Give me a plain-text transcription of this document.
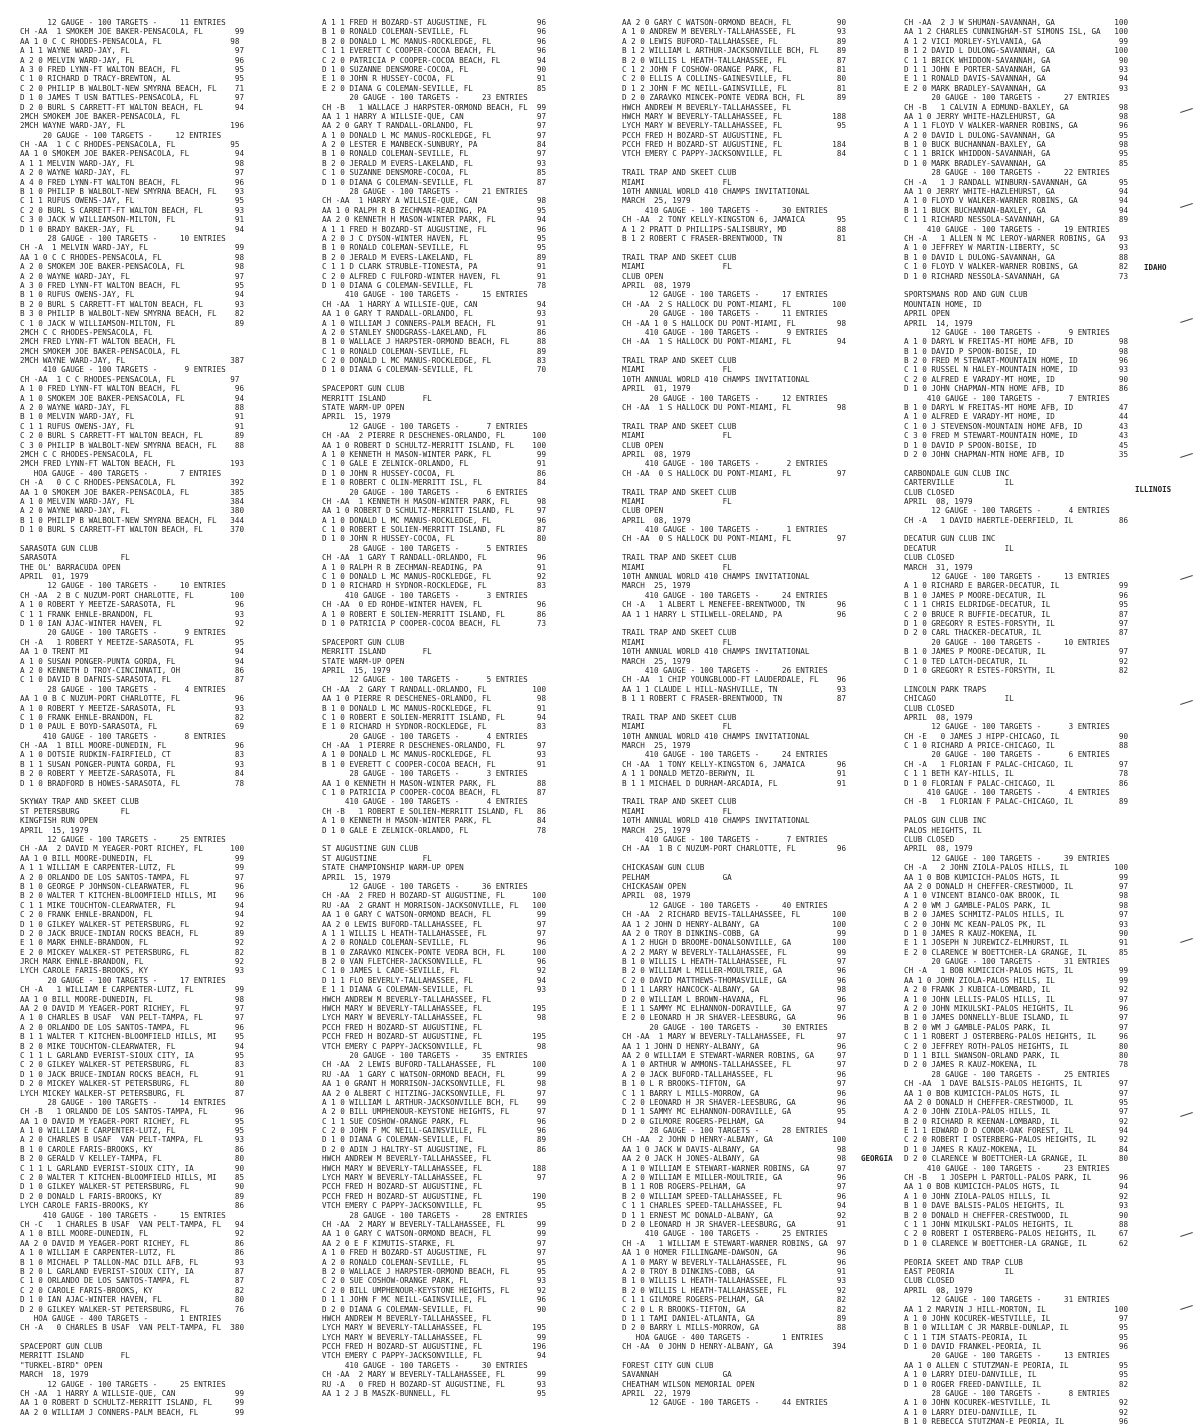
12 GAUGE - 100 TARGETS -     11 ENTRIES
CH -AA  1 SMOKEM JOE BAKER-PENSACOLA, FL       99
AA 1 0 C C RHODES-PENSACOLA, FL               98
A 1 1 WAYNE WARD-JAY, FL                       97
A 2 0 MELVIN WARD-JAY, FL                      96
A 3 0 FRED LYNN-FT WALTON BEACH, FL            95
C 1 0 RICHARD D TRACY-BREWTON, AL              95
C 2 0 PHILIP B WALBOLT-NEW SMYRNA BEACH, FL    71
D 1 0 JAMES T USN BATTLES-PENSACOLA, FL        97
D 2 0 BURL S CARRETT-FT WALTON BEACH, FL       94
2MCH SMOKEM JOE BAKER-PENSACOLA, FL
2MCH WAYNE WARD-JAY, FL                       196
20 GAUGE - 100 TARGETS -     12 ENTRIES
CH -AA  1 C C RHODES-PENSACOLA, FL            95
AA 1 0 SMOKEM JOE BAKER-PENSACOLA, FL          94
A 1 1 MELVIN WARD-JAY, FL                      98
A 2 0 WAYNE WARD-JAY, FL                       97
A 4 0 FRED LYNN-FT WALTON BEACH, FL            96
B 1 0 PHILIP B WALBOLT-NEW SMYRNA BEACH, FL    93
C 1 1 RUFUS OWENS-JAY, FL                      95
C 2 0 BURL S CARRETT-FT WALTON BEACH, FL       93
C 3 0 JACK W WILLIAMSON-MILTON, FL             91
D 1 0 BRADY BAKER-JAY, FL                      94
28 GAUGE - 100 TARGETS -     10 ENTRIES
CH -A  1 MELVIN WARD-JAY, FL                   99
AA 1 0 C C RHODES-PENSACOLA, FL                98
A 2 0 SMOKEM JOE BAKER-PENSACOLA, FL           98
A 2 0 WAYNE WARD-JAY, FL                       97
A 3 0 FRED LYNN-FT WALTON BEACH, FL            95
B 1 0 RUFUS OWENS-JAY, FL                      94
B 2 0 BURL S CARRETT-FT WALTON BEACH, FL       93
B 3 0 PHILIP B WALBOLT-NEW SMYRNA BEACH, FL    82
C 1 0 JACK W WILLIAMSON-MILTON, FL             89
2MCH C C RHODES-PENSACOLA, FL
2MCH FRED LYNN-FT WALTON BEACH, FL
2MCH SMOKEM JOE BAKER-PENSACOLA, FL
2MCH WAYNE WARD-JAY, FL                       387
410 GAUGE - 100 TARGETS -      9 ENTRIES
CH -AA  1 C C RHODES-PENSACOLA, FL            97
A 1 0 FRED LYNN-FT WALTON BEACH, FL            96
A 1 0 SMOKEM JOE BAKER-PENSACOLA, FL           94
A 2 0 WAYNE WARD-JAY, FL                       88
B 1 0 MELVIN WARD-JAY, FL                      91
C 1 1 RUFUS OWENS-JAY, FL                      91
C 2 0 BURL S CARRETT-FT WALTON BEACH, FL       89
C 3 0 PHILIP B WALBOLT-NEW SMYRNA BEACH, FL    88
2MCH C C RHODES-PENSACOLA, FL
2MCH FRED LYNN-FT WALTON BEACH, FL            193
HOA GAUGE - 400 TARGETS -       7 ENTRIES
CH -A   0 C C RHODES-PENSACOLA, FL            392
AA 1 0 SMOKEM JOE BAKER-PENSACOLA, FL         385
A 1 0 MELVIN WARD-JAY, FL                     384
A 2 0 WAYNE WARD-JAY, FL                      380
B 1 0 PHILIP B WALBOLT-NEW SMYRNA BEACH, FL   344
D 1 0 BURL S CARRETT-FT WALTON BEACH, FL      370
SARASOTA GUN CLUB
SARASOTA              FL
THE OL' BARRACUDA OPEN
APRIL  01, 1979
12 GAUGE - 100 TARGETS -     10 ENTRIES
CH -AA  2 B C NUZUM-PORT CHARLOTTE, FL        100
A 1 0 ROBERT Y MEETZE-SARASOTA, FL             96
C 1 1 FRANK EHNLE-BRANDON, FL                  93
D 1 0 IAN AJAC-WINTER HAVEN, FL                92
20 GAUGE - 100 TARGETS -      9 ENTRIES
CH -A   1 ROBERT Y MEETZE-SARASOTA, FL         95
AA 1 0 TRENT MI                                94
A 1 0 SUSAN PONGER-PUNTA GORDA, FL             94
A 2 0 KENNETH D TROY-CINCINNATI, OH            86
C 1 0 DAVID B DAFNIS-SARASOTA, FL              87
28 GAUGE - 100 TARGETS -      4 ENTRIES
AA 1 0 B C NUZUM-PORT CHARLOTTE, FL            96
A 1 0 ROBERT Y MEETZE-SARASOTA, FL             93
C 1 0 FRANK EHNLE-BRANDON, FL                  82
D 1 0 PAUL E BOYD-SARASOTA, FL                 69
410 GAUGE - 100 TARGETS -      8 ENTRIES
CH -AA  1 BILL MOORE-DUNEDIN, FL               96
A 1 0 DOTSIE RUDKIN-FAIRFIELD, CT              83
B 1 1 SUSAN PONGER-PUNTA GORDA, FL             93
B 2 0 ROBERT Y MEETZE-SARASOTA, FL             84
D 1 0 BRADFORD B HOWES-SARASOTA, FL            78
SKYWAY TRAP AND SKEET CLUB
ST PETERSBURG         FL
KINGFISH RUN OPEN
APRIL  15, 1979
12 GAUGE - 100 TARGETS -     25 ENTRIES
CH -AA  2 DAVID M YEAGER-PORT RICHEY, FL      100
AA 1 0 BILL MOORE-DUNEDIN, FL                  99
A 1 1 WILLIAM E CARPENTER-LUTZ, FL             99
A 2 0 ORLANDO DE LOS SANTOS-TAMPA, FL          97
B 1 0 GEORGE P JOHNSON-CLEARWATER, FL          96
B 2 0 WALTER T KITCHEN-BLOOMFIELD HILLS, MI    96
C 1 1 MIKE TOUCHTON-CLEARWATER, FL             94
C 2 0 FRANK EHNLE-BRANDON, FL                  94
D 1 0 GILKEY WALKER-ST PETERSBURG, FL          92
D 2 0 JACK BRUCE-INDIAN ROCKS BEACH, FL        89
E 1 0 MARK EHNLE-BRANDON, FL                   92
E 2 0 MICKEY WALKER-ST PETERSBURG, FL          82
JRCH MARK EHNLE-BRANDON, FL                    92
LYCH CAROLE FARIS-BROOKS, KY                   93
20 GAUGE - 100 TARGETS -     17 ENTRIES
CH -A   1 WILLIAM E CARPENTER-LUTZ, FL         99
AA 1 0 BILL MOORE-DUNEDIN, FL                  98
AA 2 0 DAVID M YEAGER-PORT RICHEY, FL          97
A 1 0 CHARLES B USAF  VAN PELT-TAMPA, FL       97
A 2 0 ORLANDO DE LOS SANTOS-TAMPA, FL          96
B 1 1 WALTER T KITCHEN-BLOOMFIELD HILLS, MI    95
B 2 0 MIKE TOUCHTON-CLEARWATER, FL             94
C 1 1 L GARLAND EVERIST-SIOUX CITY, IA         95
C 2 0 GILKEY WALKER-ST PETERSBURG, FL          83
D 1 0 JACK BRUCE-INDIAN ROCKS BEACH, FL        91
D 2 0 MICKEY WALKER-ST PETERSBURG, FL          80
LYCH MICKEY WALKER-ST PETERSBURG, FL           87
28 GAUGE - 100 TARGETS -     14 ENTRIES
CH -B   1 ORLANDO DE LOS SANTOS-TAMPA, FL      96
AA 1 0 DAVID M YEAGER-PORT RICHEY, FL          95
A 1 0 WILLIAM E CARPENTER-LUTZ, FL             95
A 2 0 CHARLES B USAF  VAN PELT-TAMPA, FL       93
B 1 0 CAROLE FARIS-BROOKS, KY                  86
B 2 0 GERALD V KELLEY-TAMPA, FL                80
C 1 1 L GARLAND EVERIST-SIOUX CITY, IA         90
C 2 0 WALTER T KITCHEN-BLOOMFIELD HILLS, MI    85
D 1 0 GILKEY WALKER-ST PETERSBURG, FL          90
D 2 0 DONALD L FARIS-BROOKS, KY                89
LYCH CAROLE FARIS-BROOKS, KY                   86
410 GAUGE - 100 TARGETS -     15 ENTRIES
CH -C   1 CHARLES B USAF  VAN PELT-TAMPA, FL   94
A 1 0 BILL MOORE-DUNEDIN, FL                   92
AA 2 0 DAVID M YEAGER-PORT RICHEY, FL          86
A 1 0 WILLIAM E CARPENTER-LUTZ, FL             86
B 1 0 MICHAEL P TALLON-MAC DILL AFB, FL        93
B 2 0 L GARLAND EVERIST-SIOUX CITY, IA         87
C 1 0 ORLANDO DE LOS SANTOS-TAMPA, FL          87
C 2 0 CAROLE FARIS-BROOKS, KY                  82
D 1 0 IAN AJAC-WINTER HAVEN, FL                80
D 2 0 GILKEY WALKER-ST PETERSBURG, FL          76
HOA GAUGE - 400 TARGETS -       1 ENTRIES
CH -A   0 CHARLES B USAF  VAN PELT-TAMPA, FL  380
SPACEPORT GUN CLUB
MERRITT ISLAND        FL
"TURKEL-BIRD" OPEN
MARCH  18, 1979
12 GAUGE - 100 TARGETS -     25 ENTRIES
CH -AA  1 HARRY A WILLSIE-QUE, CAN             99
AA 1 0 ROBERT D SCHULTZ-MERRITT ISLAND, FL     99
AA 2 0 WILLIAM J CONNERS-PALM BEACH, FL        99
A 1 1 FRED H BOZARD-ST AUGUSTINE, FL           96
B 1 0 RONALD COLEMAN-SEVILLE, FL               96
B 2 0 DONALD L MC MANUS-ROCKLEDGE, FL          96
C 1 1 EVERETT C COOPER-COCOA BEACH, FL         96
C 2 0 PATRICIA P COOPER-COCOA BEACH, FL        94
D 1 0 SUZANNE DENSMORE-COCOA, FL               90
E 1 0 JOHN R HUSSEY-COCOA, FL                  91
E 2 0 DIANA G COLEMAN-SEVILLE, FL              85
20 GAUGE - 100 TARGETS -     23 ENTRIES
CH -B   1 WALLACE J HARPSTER-ORMOND BEACH, FL  99
AA 1 1 HARRY A WILLSIE-QUE, CAN                97
AA 2 0 GARY T RANDALL-ORLANDO, FL              97
A 1 0 DONALD L MC MANUS-ROCKLEDGE, FL          97
A 2 0 LESTER E MANBECK-SUNBURY, PA             84
B 1 0 RONALD COLEMAN-SEVILLE, FL               97
B 2 0 JERALD M EVERS-LAKELAND, FL              93
C 1 0 SUZANNE DENSMORE-COCOA, FL               85
D 1 0 DIANA G COLEMAN-SEVILLE, FL              87
28 GAUGE - 100 TARGETS -     21 ENTRIES
CH -AA  1 HARRY A WILLSIE-QUE, CAN             98
AA 1 0 RALPH R B ZECHMAN-READING, PA           95
AA 2 0 KENNETH H MASON-WINTER PARK, FL         94
A 1 1 FRED H BOZARD-ST AUGUSTINE, FL           96
A 2 0 J C DYSON-WINTER HAVEN, FL               95
B 1 0 RONALD COLEMAN-SEVILLE, FL               95
B 2 0 JERALD M EVERS-LAKELAND, FL              89
C 1 1 D CLARK STRUBLE-TIONESTA, PA             91
C 2 0 ALFRED C FULFORD-WINTER HAVEN, FL        91
D 1 0 DIANA G COLEMAN-SEVILLE, FL              78
410 GAUGE - 100 TARGETS -     15 ENTRIES
CH -AA  1 HARRY A WILLSIE-QUE, CAN             94
AA 1 0 GARY T RANDALL-ORLANDO, FL              93
A 1 0 WILLIAM J CONNERS-PALM BEACH, FL         91
A 2 0 STANLEY SNODGRASS-LAKELAND, FL           86
B 1 0 WALLACE J HARPSTER-ORMOND BEACH, FL      88
C 1 0 RONALD COLEMAN-SEVILLE, FL               89
C 2 0 DONALD L MC MANUS-ROCKLEDGE, FL          83
D 1 0 DIANA G COLEMAN-SEVILLE, FL              70
SPACEPORT GUN CLUB
MERRITT ISLAND        FL
STATE WARM-UP OPEN
APRIL  15, 1979
12 GAUGE - 100 TARGETS -      7 ENTRIES
CH -AA  2 PIERRE R DESCHENES-ORLANDO, FL      100
AA 1 0 ROBERT D SCHULTZ-MERRITT ISLAND, FL    100
A 1 0 KENNETH H MASON-WINTER PARK, FL          99
C 1 0 GALE E ZELNICK-ORLANDO, FL               91
D 1 0 JOHN R HUSSEY-COCOA, FL                  86
E 1 0 ROBERT C OLIN-MERRITT ISL, FL            84
20 GAUGE - 100 TARGETS -      6 ENTRIES
CH -AA  1 KENNETH H MASON-WINTER PARK, FL      98
AA 1 0 ROBERT D SCHULTZ-MERRITT ISLAND, FL     97
A 1 0 DONALD L MC MANUS-ROCKLEDGE, FL          96
C 1 0 ROBERT E SOLIEN-MERRITT ISLAND, FL       87
D 1 0 JOHN R HUSSEY-COCOA, FL                  80
28 GAUGE - 100 TARGETS -      5 ENTRIES
CH -AA  1 GARY T RANDALL-ORLANDO, FL           96
A 1 0 RALPH R B ZECHMAN-READING, PA            91
C 1 0 DONALD L MC MANUS-ROCKLEDGE, FL          92
D 1 0 RICHARD H SYDNOR-ROCKLEDGE, FL           83
410 GAUGE - 100 TARGETS -      3 ENTRIES
CH -AA  0 ED ROHDE-WINTER HAVEN, FL            96
A 1 0 ROBERT E SOLIEN-MERRITT ISLAND, FL       86
D 1 0 PATRICIA P COOPER-COCOA BEACH, FL        73
SPACEPORT GUN CLUB
MERRITT ISLAND        FL
STATE WARM-UP OPEN
APRIL  15, 1979
12 GAUGE - 100 TARGETS -      5 ENTRIES
CH -AA  2 GARY T RANDALL-ORLANDO, FL          100
AA 1 0 PIERRE R DESCHENES-ORLANDO, FL          98
B 1 0 DONALD L MC MANUS-ROCKLEDGE, FL          91
C 1 0 ROBERT E SOLIEN-MERRITT ISLAND, FL       94
E 1 0 RICHARD H SYDNOR-ROCKLEDGE, FL           83
20 GAUGE - 100 TARGETS -      4 ENTRIES
CH -AA  1 PIERRE R DESCHENES-ORLANDO, FL       97
A 1 0 DONALD L MC MANUS-ROCKLEDGE, FL          93
B 1 0 EVERETT C COOPER-COCOA BEACH, FL         91
28 GAUGE - 100 TARGETS -      3 ENTRIES
AA 1 0 KENNETH H MASON-WINTER PARK, FL         88
C 1 0 PATRICIA P COOPER-COCOA BEACH, FL        87
410 GAUGE - 100 TARGETS -      4 ENTRIES
CH -B   1 ROBERT E SOLIEN-MERRITT ISLAND, FL   86
A 1 0 KENNETH H MASON-WINTER PARK, FL          84
D 1 0 GALE E ZELNICK-ORLANDO, FL               78
ST AUGUSTINE GUN CLUB
ST AUGUSTINE          FL
STATE CHAMPIONSHIP WARM-UP OPEN
APRIL  15, 1979
12 GAUGE - 100 TARGETS -     36 ENTRIES
CH -AA  2 FRED H BOZARD-ST AUGUSTINE, FL      100
RU -AA  2 GRANT H MORRISON-JACKSONVILLE, FL   100
AA 1 0 GARY C WATSON-ORMOND BEACH, FL          99
AA 2 0 LEWIS BUFORD-TALLAHASSEE, FL            97
A 1 1 WILLIS L HEATH-TALLAHASSEE, FL           97
A 2 0 RONALD COLEMAN-SEVILLE, FL               96
B 1 0 ZARAVKO MINCEK-PONTE VEDRA BCH, FL      100
B 2 0 VAN FLETCHER-JACKSONVILLE, FL            96
C 1 0 JAMES L CADE-SEVILLE, FL                 92
D 1 1 FLO BEVERLY-TALLAHASSEE, FL              94
E 1 1 DIANA G COLEMAN-SEVILLE, FL              93
HWCH ANDREW M BEVERLY-TALLAHASSEE, FL
HWCH MARY W BEVERLY-TALLAHASSEE, FL           195
LYCH MARY W BEVERLY-TALLAHASSEE, FL            98
PCCH FRED H BOZARD-ST AUGUSTINE, FL
PCCH FRED H BOZARD-ST AUGUSTINE, FL           195
VTCH EMERY C PAPPY-JACKSONVILLE, FL            98
20 GAUGE - 100 TARGETS -     35 ENTRIES
CH -AA  2 LEWIS BUFORD-TALLAHASSEE, FL        100
RU -AA  1 GARY C WATSON-ORMOND BEACH, FL       99
AA 1 0 GRANT H MORRISON-JACKSONVILLE, FL       98
AA 2 0 ALBERT C HITZING-JACKSONVILLE, FL       97
A 1 0 WILLIAM L ARTHUR-JACKSONVILLE BCH, FL    99
A 2 0 BILL UMPHENOUR-KEYSTONE HEIGHTS, FL      97
C 1 1 SUE COSHOW-ORANGE PARK, FL               96
C 2 0 JOHN F MC NEILL-GAINSVILLE, FL           96
D 1 0 DIANA G COLEMAN-SEVILLE, FL              89
D 2 0 ADIN J HALTRY-ST AUGUSTINE, FL           86
HWCH ANDREW M BEVERLY-TALLAHASSEE, FL
HWCH MARY W BEVERLY-TALLAHASSEE, FL           188
LYCH MARY W BEVERLY-TALLAHASSEE, FL            97
PCCH FRED H BOZARD-ST AUGUSTINE, FL
PCCH FRED H BOZARD-ST AUGUSTINE, FL           190
VTCH EMERY C PAPPY-JACKSONVILLE, FL            95
28 GAUGE - 100 TARGETS -     28 ENTRIES
CH -AA  2 MARY W BEVERLY-TALLAHASSEE, FL       99
AA 1 0 GARY C WATSON-ORMOND BEACH, FL          99
AA 2 0 E F KIMUTIS-STARKE, FL                  97
A 1 0 FRED H BOZARD-ST AUGUSTINE, FL           97
A 2 0 RONALD COLEMAN-SEVILLE, FL               95
B 2 0 WALLACE J HARPSTER-ORMOND BEACH, FL      95
C 2 0 SUE COSHOW-ORANGE PARK, FL               93
C 2 0 BILL UMPHENOUR-KEYSTONE HEIGHTS, FL      92
D 1 1 JOHN F MC NEILL-GAINSVILLE, FL           96
D 2 0 DIANA G COLEMAN-SEVILLE, FL              90
HWCH ANDREW M BEVERLY-TALLAHASSEE, FL
LYCH MARY W BEVERLY-TALLAHASSEE, FL           195
LYCH MARY W BEVERLY-TALLAHASSEE, FL            99
PCCH FRED H BOZARD-ST AUGUSTINE, FL           196
VTCH EMERY C PAPPY-JACKSONVILLE, FL            94
410 GAUGE - 100 TARGETS -     30 ENTRIES
CH -AA  2 MARY W BEVERLY-TALLAHASSEE, FL       99
RU -A   0 FRED H BOZARD-ST AUGUSTINE, FL       93
AA 1 2 J B MASZK-BUNNELL, FL                   95
AA 2 0 GARY C WATSON-ORMOND BEACH, FL          90
A 1 0 ANDREW M BEVERLY-TALLAHASSEE, FL         93
A 2 0 LEWIS BUFORD-TALLAHASSEE, FL             89
B 1 2 WILLIAM L ARTHUR-JACKSONVILLE BCH, FL    89
B 2 0 WILLIS L HEATH-TALLAHASSEE, FL           87
C 1 2 JOHN F COSHOW-ORANGE PARK, FL            81
C 2 0 ELLIS A COLLINS-GAINESVILLE, FL          80
D 1 2 JOHN F MC NEILL-GAINSVILLE, FL           81
D 2 0 ZARAVKO MINCEK-PONTE VEDRA BCH, FL       89
HWCH ANDREW M BEVERLY-TALLAHASSEE, FL
HWCH MARY W BEVERLY-TALLAHASSEE, FL           188
LYCH MARY W BEVERLY-TALLAHASSEE, FL            95
PCCH FRED H BOZARD-ST AUGUSTINE, FL
PCCH FRED H BOZARD-ST AUGUSTINE, FL           184
VTCH EMERY C PAPPY-JACKSONVILLE, FL            84
TRAIL TRAP AND SKEET CLUB
MIAMI                 FL
10TH ANNUAL WORLD 410 CHAMPS INVITATIONAL
MARCH  25, 1979
410 GAUGE - 100 TARGETS -     30 ENTRIES
CH -AA  2 TONY KELLY-KINGSTON 6, JAMAICA       95
A 1 2 PRATT D PHILLIPS-SALISBURY, MD           88
B 1 2 ROBERT C FRASER-BRENTWOOD, TN            81
TRAIL TRAP AND SKEET CLUB
MIAMI                 FL
CLUB OPEN
APRIL  08, 1979
12 GAUGE - 100 TARGETS -     17 ENTRIES
CH -AA  2 S HALLOCK DU PONT-MIAMI, FL         100
20 GAUGE - 100 TARGETS -     11 ENTRIES
CH -AA 1 0 S HALLOCK DU PONT-MIAMI, FL         98
410 GAUGE - 100 TARGETS -      9 ENTRIES
CH -AA  1 S HALLOCK DU PONT-MIAMI, FL          94
TRAIL TRAP AND SKEET CLUB
MIAMI                 FL
10TH ANNUAL WORLD 410 CHAMPS INVITATIONAL
APRIL  01, 1979
20 GAUGE - 100 TARGETS -     12 ENTRIES
CH -AA  1 S HALLOCK DU PONT-MIAMI, FL          98
TRAIL TRAP AND SKEET CLUB
MIAMI                 FL
CLUB OPEN
APRIL  08, 1979
410 GAUGE - 100 TARGETS -      2 ENTRIES
CH -AA  0 S HALLOCK DU PONT-MIAMI, FL          97
TRAIL TRAP AND SKEET CLUB
MIAMI                 FL
CLUB OPEN
APRIL  08, 1979
410 GAUGE - 100 TARGETS -      1 ENTRIES
CH -AA  0 S HALLOCK DU PONT-MIAMI, FL          97
TRAIL TRAP AND SKEET CLUB
MIAMI                 FL
10TH ANNUAL WORLD 410 CHAMPS INVITATIONAL
MARCH  25, 1979
410 GAUGE - 100 TARGETS -     24 ENTRIES
CH -A   1 ALBERT L MENEFEE-BRENTWOOD, TN       96
AA 1 1 HARRY L STILWELL-ORELAND, PA            96
TRAIL TRAP AND SKEET CLUB
MIAMI                 FL
10TH ANNUAL WORLD 410 CHAMPS INVITATIONAL
MARCH  25, 1979
410 GAUGE - 100 TARGETS -     26 ENTRIES
CH -AA  1 CHIP YOUNGBLOOD-FT LAUDERDALE, FL    96
AA 1 1 CLAUDE L HILL-NASHVILLE, TN             93
B 1 1 ROBERT C FRASER-BRENTWOOD, TN            87
TRAIL TRAP AND SKEET CLUB
MIAMI                 FL
10TH ANNUAL WORLD 410 CHAMPS INVITATIONAL
MARCH  25, 1979
410 GAUGE - 100 TARGETS -     24 ENTRIES
CH -AA  1 TONY KELLY-KINGSTON 6, JAMAICA       96
A 1 1 DONALD METZO-BERWYN, IL                  91
B 1 1 MICHAEL D DURHAM-ARCADIA, FL             91
TRAIL TRAP AND SKEET CLUB
MIAMI                 FL
10TH ANNUAL WORLD 410 CHAMPS INVITATIONAL
MARCH  25, 1979
410 GAUGE - 100 TARGETS -      7 ENTRIES
CH -AA  1 B C NUZUM-PORT CHARLOTTE, FL         96
CHICKASAW GUN CLUB
PELHAM                GA
CHICKASAW OPEN
APRIL  08, 1979
12 GAUGE - 100 TARGETS -     40 ENTRIES
CH -AA  2 RICHARD BEVIS-TALLAHASSEE, FL       100
AA 1 2 JOHN D HENRY-ALBANY, GA                100
AA 2 0 TROY B DINKINS-COBB, GA                 99
A 1 2 HUGH D BROOME-DONALSONVILLE, GA         100
A 2 2 MARY W BEVERLY-TALLAHASSEE, FL           99
B 1 0 WILLIS L HEATH-TALLAHASSEE, FL           97
B 2 0 WILLIAM L MILLER-MOULTRIE, GA            96
C 2 0 DAVID MATTHEWS-THOMASVILLE, GA           96
D 1 1 LARRY HANCOCK-ALBANY, GA                 98
D 2 0 WILLIAM L BROWN-HAVANA, FL               96
E 1 1 SAMMY MC ELHANNON-DORAVILLE, GA          97
E 2 0 LEONARD H JR SHAVER-LEESBURG, GA         96
20 GAUGE - 100 TARGETS -     30 ENTRIES
CH -AA  1 MARY W BEVERLY-TALLAHASSEE, FL       97
AA 1 1 JOHN D HENRY-ALBANY, GA                 96
AA 2 0 WILLIAM E STEWART-WARNER ROBINS, GA     97
A 1 0 ARTHUR W AMMONS-TALLAHASSEE, FL          97
A 2 0 JACK BUFORD-TALLAHASSEE, FL              96
B 1 0 L R BROOKS-TIFTON, GA                    97
C 1 1 BARRY L MILLS-MORROW, GA                 96
C 2 0 LEONARD H JR SHAVER-LEESBURG, GA         96
D 1 1 SAMMY MC ELHANNON-DORAVILLE, GA          95
D 2 0 GILMORE ROGERS-PELHAM, GA                94
28 GAUGE - 100 TARGETS -     28 ENTRIES
CH -AA  2 JOHN D HENRY-ALBANY, GA             100
AA 1 0 JACK W DAVIS-ALBANY, GA                 98
AA 2 0 JACK H JONES-ALBANY, GA                 98
A 1 0 WILLIAM E STEWART-WARNER ROBINS, GA      97
A 2 0 WILLIAM E MILLER-MOULTRIE, GA            96
B 1 1 ROB ROGERS-PELHAM, GA                    97
B 2 0 WILLIAM SPEED-TALLAHASSEE, FL            96
C 1 1 CHARLES SPEED-TALLAHASSEE, FL            94
D 1 1 ERNEST MC DONALD-ALBANY, GA              92
D 2 0 LEONARD H JR SHAVER-LEESBURG, GA         91
410 GAUGE - 100 TARGETS -     25 ENTRIES
CH -A   1 WILLIAM E STEWART-WARNER ROBINS, GA  97
AA 1 0 HOMER FILLINGAME-DAWSON, GA             96
A 1 0 MARY W BEVERLY-TALLAHASSEE, FL           96
A 2 0 TROY B DINKINS-COBB, GA                  91
B 1 0 WILLIS L HEATH-TALLAHASSEE, FL           93
B 2 0 WILLIS L HEATH-TALLAHASSEE, FL           92
C 1 1 GILMORE ROGERS-PELHAM, GA                82
C 2 0 L R BROOKS-TIFTON, GA                    82
D 1 1 TAMI DANIEL-ATLANTA, GA                  89
D 2 0 BARRY L MILLS-MORROW, GA                 88
HOA GAUGE - 400 TARGETS -       1 ENTRIES
CH -AA  0 JOHN D HENRY-ALBANY, GA             394
FOREST CITY GUN CLUB
SAVANNAH              GA
CHEATHAM WILSON MEMORIAL OPEN
APRIL  22, 1979
12 GAUGE - 100 TARGETS -     44 ENTRIES
CH -AA  2 J W SHUMAN-SAVANNAH, GA             100
AA 1 2 CHARLES CUNNINGHAM-ST SIMONS ISL, GA   100
A 1 2 VICI MORLEY-SYLVANIA, GA                 99
B 1 2 DAVID L DULONG-SAVANNAH, GA             100
C 1 1 BRICK WHIDDON-SAVANNAH, GA               90
D 1 1 JOHN E PORTER-SAVANNAH, GA               93
E 1 1 RONALD DAVIS-SAVANNAH, GA                94
E 2 0 MARK BRADLEY-SAVANNAH, GA                93
20 GAUGE - 100 TARGETS -     27 ENTRIES
CH -B   1 CALVIN A EDMUND-BAXLEY, GA           98
AA 1 0 JERRY WHITE-HAZLEHURST, GA              98
A 1 1 FLOYD V WALKER-WARNER ROBINS, GA         96
A 2 0 DAVID L DULONG-SAVANNAH, GA              95
B 1 0 BUCK BUCHANNAN-BAXLEY, GA                98
C 1 1 BRICK WHIDDON-SAVANNAH, GA               95
D 1 0 MARK BRADLEY-SAVANNAH, GA                85
28 GAUGE - 100 TARGETS -     22 ENTRIES
CH -A   1 J RANDALL WINBURN-SAVANNAH, GA       95
AA 1 0 JERRY WHITE-HAZLEHURST, GA              94
A 1 0 FLOYD V WALKER-WARNER ROBINS, GA         94
B 1 1 BUCK BUCHANNAN-BAXLEY, GA                94
C 1 1 RICHARD NESSOLA-SAVANNAH, GA             89
410 GAUGE - 100 TARGETS -     19 ENTRIES
CH -A   1 ALLEN N MC LEROY-WARNER ROBINS, GA   93
A 1 0 JEFFREY W MARTIN-LIBERTY, SC             93
B 1 0 DAVID L DULONG-SAVANNAH, GA              88
C 1 0 FLOYD V WALKER-WARNER ROBINS, GA         82
D 1 0 RICHARD NESSOLA-SAVANNAH, GA             73
SPORTSMANS ROD AND GUN CLUB
MOUNTAIN HOME, ID
APRIL OPEN
APRIL  14, 1979
12 GAUGE - 100 TARGETS -      9 ENTRIES
A 1 0 DARYL W FREITAS-MT HOME AFB, ID          98
B 1 0 DAVID P SPOON-BOISE, ID                  98
B 2 0 FRED M STEWART-MOUNTAIN HOME, ID         96
C 1 0 RUSSEL N HALEY-MOUNTAIN HOME, ID         93
C 2 0 ALFRED E VARADY-MT HOME, ID              90
D 1 0 JOHN CHAPMAN-MTN HOME AFB, ID            86
410 GAUGE - 100 TARGETS -      7 ENTRIES
B 1 0 DARYL W FREITAS-MT HOME AFB, ID          47
A 1 0 ALFRED E VARADY-MT HOME, ID              44
C 1 0 J STEVENSON-MOUNTAIN HOME AFB, ID        43
C 3 0 FRED M STEWART-MOUNTAIN HOME, ID         43
D 1 0 DAVID P SPOON-BOISE, ID                  45
D 2 0 JOHN CHAPMAN-MTN HOME AFB, ID            35
CARBONDALE GUN CLUB INC
CARTERVILLE           IL
CLUB CLOSED
APRIL  08, 1979
12 GAUGE - 100 TARGETS -      4 ENTRIES
CH -A   1 DAVID HAERTLE-DEERFIELD, IL          86
DECATUR GUN CLUB INC
DECATUR               IL
CLUB CLOSED
MARCH  31, 1979
12 GAUGE - 100 TARGETS -     13 ENTRIES
A 1 0 RICHARD E BARGER-DECATUR, IL             99
B 1 0 JAMES P MOORE-DECATUR, IL                96
C 1 1 CHRIS ELDRIDGE-DECATUR, IL               95
C 2 0 BRUCE R BUFFIE-DECATUR, IL               87
D 1 0 GREGORY R ESTES-FORSYTH, IL              97
D 2 0 CARL THACKER-DECATUR, IL                 87
20 GAUGE - 100 TARGETS -     10 ENTRIES
B 1 0 JAMES P MOORE-DECATUR, IL                97
C 1 0 TED LATCH-DECATUR, IL                    92
D 1 0 GREGORY R ESTES-FORSYTH, IL              82
LINCOLN PARK TRAPS
CHICAGO               IL
CLUB CLOSED
APRIL  08, 1979
12 GAUGE - 100 TARGETS -      3 ENTRIES
CH -E   0 JAMES J HIPP-CHICAGO, IL             90
C 1 0 RICHARD A PRICE-CHICAGO, IL              88
20 GAUGE - 100 TARGETS -      6 ENTRIES
CH -A   1 FLORIAN F PALAC-CHICAGO, IL          97
C 1 1 BETH KAY-HILLS, IL                       78
D 1 0 FLORIAN F PALAC-CHICAGO, IL              86
410 GAUGE - 100 TARGETS -      4 ENTRIES
CH -B   1 FLORIAN F PALAC-CHICAGO, IL          89
PALOS GUN CLUB INC
PALOS HEIGHTS, IL
CLUB CLOSED
APRIL  08, 1979
12 GAUGE - 100 TARGETS -     39 ENTRIES
CH -A   2 JOHN ZIOLA-PALOS HILLS, IL          100
AA 1 0 BOB KUMICICH-PALOS HGTS, IL             99
AA 2 0 DONALD H CHEFFER-CRESTWOOD, IL          97
A 1 0 VINCENT BIANCO-OAK BROOK, IL             98
A 2 0 WM J GAMBLE-PALOS PARK, IL               98
B 2 0 JAMES SCHMITZ-PALOS HILLS, IL            97
C 2 0 JOHN MC KEAN-PALOS PK, IL                93
D 1 0 JAMES R KAUZ-MOKENA, IL                  90
E 1 1 JOSEPH N JUREWICZ-ELMHURST, IL           91
E 2 0 CLARENCE W BOETTCHER-LA GRANGE, IL       85
20 GAUGE - 100 TARGETS -     31 ENTRIES
CH -A   1 BOB KUMICICH-PALOS HGTS, IL          99
AA 1 0 JOHN ZIOLA-PALOS HILLS, IL              99
A 2 0 FRANK J KUBICA-LOMBARD, IL               92
A 1 0 JOHN LELLIS-PALOS HILLS, IL              97
A 2 0 JOHN MIKULSKI-PALOS HEIGHTS, IL          96
B 1 0 JAMES DONNELLY-BLUE ISLAND, IL           97
B 2 0 WM J GAMBLE-PALOS PARK, IL               97
C 1 1 ROBERT J OSTERBERG-PALOS HEIGHTS, IL     96
C 2 0 JEFFREY ROTH-PALOS HEIGHTS, IL           80
D 1 1 BILL SWANSON-ORLAND PARK, IL             80
D 2 0 JAMES R KAUZ-MOKENA, IL                  78
28 GAUGE - 100 TARGETS -     25 ENTRIES
CH -AA  1 DAVE BALSIS-PALOS HEIGHTS, IL        97
AA 1 0 BOB KUMICICH-PALOS HGTS, IL             97
AA 2 0 DONALD H CHEFFER-CRESTWOOD, IL          95
A 2 0 JOHN ZIOLA-PALOS HILLS, IL               97
B 2 0 RICHARD R KEENAN-LOMBARD, IL             92
E 1 1 EDWARD D D CONOR-OAK FOREST, IL          94
C 2 0 ROBERT I OSTERBERG-PALOS HEIGHTS, IL     92
D 1 0 JAMES R KAUZ-MOKENA, IL                  84
D 2 0 CLARENCE W BOETTCHER-LA GRANGE, IL       80
410 GAUGE - 100 TARGETS -     23 ENTRIES
CH -B   1 JOSEPH L PARTOLL-PALOS PARK, IL      96
AA 1 0 BOB KUMICICH-PALOS HGTS, IL             94
A 1 0 JOHN ZIOLA-PALOS HILLS, IL               92
B 1 0 DAVE BALSIS-PALOS HEIGHTS, IL            93
B 2 0 DONALD H CHEFFER-CRESTWOOD, IL           90
C 1 1 JOHN MIKULSKI-PALOS HEIGHTS, IL          88
C 2 0 ROBERT I OSTERBERG-PALOS HEIGHTS, IL     67
D 1 0 CLARENCE W BOETTCHER-LA GRANGE, IL       62
PEORIA SKEET AND TRAP CLUB
EAST PEORIA           IL
CLUB CLOSED
APRIL  08, 1979
12 GAUGE - 100 TARGETS -     31 ENTRIES
AA 1 2 MARVIN J HILL-MORTON, IL               100
A 1 0 JOHN KOCUREK-WESTVILLE, IL               97
B 1 0 WILLIAM C JR MARBLE-DUNLAP, IL           95
C 1 1 TIM STAATS-PEORIA, IL                    95
D 1 0 DAVID FRANKEL-PEORIA, IL                 96
20 GAUGE - 100 TARGETS -     13 ENTRIES
AA 1 0 ALLEN C STUTZMAN-E PEORIA, IL           95
A 1 0 LARRY DIEU-DANVILLE, IL                  95
D 1 0 ROGER FREED-DANVILLE, IL                 82
28 GAUGE - 100 TARGETS -      8 ENTRIES
A 1 0 JOHN KOCUREK-WESTVILLE, IL               92
A 1 0 LARRY DIEU-DANVILLE, IL                  92
B 1 0 REBECCA STUTZMAN-E PEORIA, IL            96
GEORGIA
IDAHO
ILLINOIS
